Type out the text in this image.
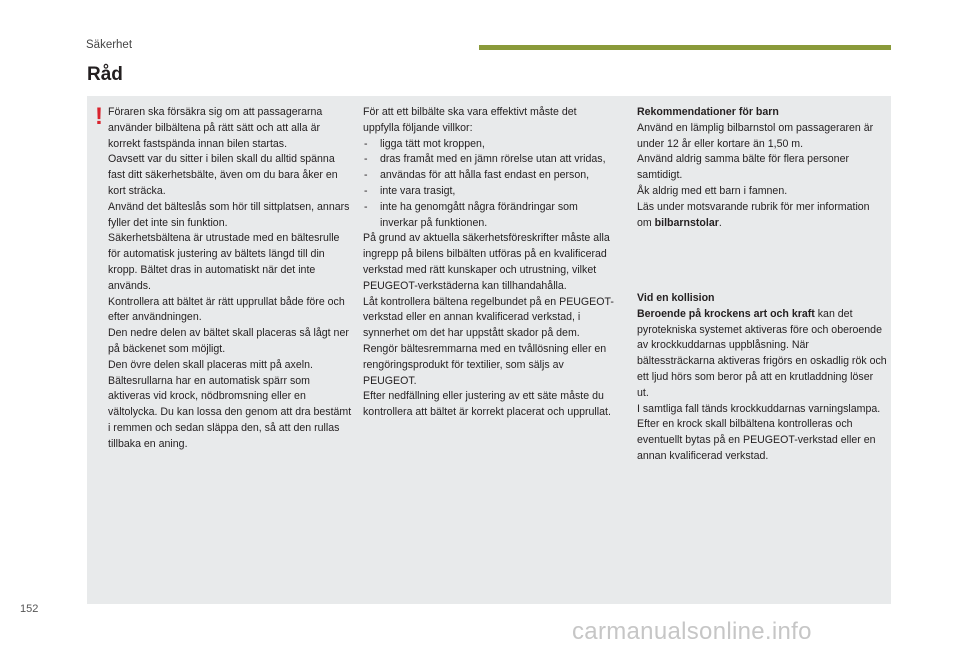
Säkerhet
Råd
! Föraren ska försäkra sig om att passagerarna använder bilbältena på rätt sätt och att alla är korrekt fastspända innan bilen startas.

Oavsett var du sitter i bilen skall du alltid spänna fast ditt säkerhetsbälte, även om du bara åker en kort sträcka.

Använd det bälteslås som hör till sittplatsen, annars fyller det inte sin funktion.

Säkerhetsbältena är utrustade med en bältesrulle för automatisk justering av bältets längd till din kropp. Bältet dras in automatiskt när det inte används.

Kontrollera att bältet är rätt upprullat både före och efter användningen.

Den nedre delen av bältet skall placeras så lågt ner på bäckenet som möjligt.

Den övre delen skall placeras mitt på axeln.

Bältesrullarna har en automatisk spärr som aktiveras vid krock, nödbromsning eller en vältolycka. Du kan lossa den genom att dra bestämt i remmen och sedan släppa den, så att den rullas tillbaka en aning.

För att ett bilbälte ska vara effektivt måste det uppfylla följande villkor:

- ligga tätt mot kroppen,
- dras framåt med en jämn rörelse utan att vridas,
- användas för att hålla fast endast en person,
- inte vara trasigt,
- inte ha genomgått några förändringar som inverkar på funktionen.

På grund av aktuella säkerhetsföreskrifter måste alla ingrepp på bilens bilbälten utföras på en kvalificerad verkstad med rätt kunskaper och utrustning, vilket PEUGEOT-verkstäderna kan tillhandahålla.

Låt kontrollera bältena regelbundet på en PEUGEOT-verkstad eller en annan kvalificerad verkstad, i synnerhet om det har uppstått skador på dem.

Rengör bältesremmarna med en tvållösning eller en rengöringsprodukt för textilier, som säljs av PEUGEOT.

Efter nedfällning eller justering av ett säte måste du kontrollera att bältet är korrekt placerat och upprullat.

Rekommendationer för barn

Använd en lämplig bilbarnstol om passageraren är under 12 år eller kortare än 1,50 m.

Använd aldrig samma bälte för flera personer samtidigt.

Åk aldrig med ett barn i famnen.

Läs under motsvarande rubrik för mer information om bilbarnstolar.

Vid en kollision

Beroende på krockens art och kraft kan det pyrotekniska systemet aktiveras före och oberoende av krockkuddarnas uppblåsning. När bältessträckarna aktiveras frigörs en oskadlig rök och ett ljud hörs som beror på att en krutladdning löser ut.

I samtliga fall tänds krockkuddarnas varningslampa.

Efter en krock skall bilbältena kontrolleras och eventuellt bytas på en PEUGEOT-verkstad eller en annan kvalificerad verkstad.

152
carmanualsonline.info
